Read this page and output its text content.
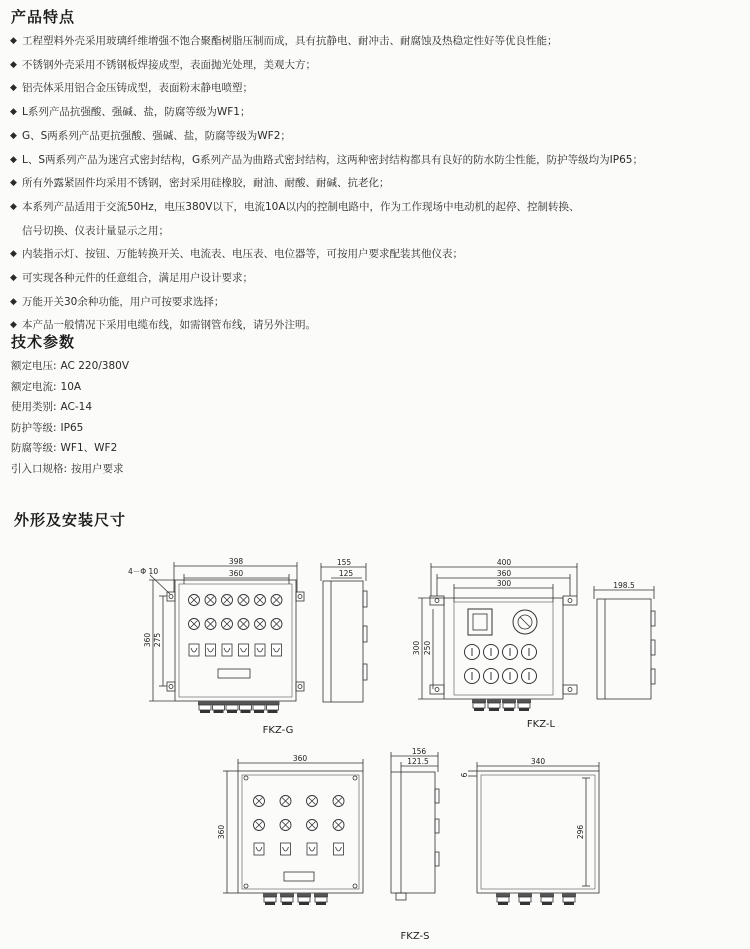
产品特点
◆ 工程塑料外壳采用玻璃纤维增强不饱合聚酯树脂压制而成，具有抗静电、耐冲击、耐腐蚀及热稳定性好等优良性能；
◆ 不锈钢外壳采用不锈钢板焊接成型，表面抛光处理，美观大方；
◆ 铝壳体采用铝合金压铸成型，表面粉末静电喷塑；
◆ L系列产品抗强酸、强碱、盐，防腐等级为WF1；
◆ G、S两系列产品更抗强酸、强碱、盐，防腐等级为WF2；
◆ L、S两系列产品为迷宫式密封结构，G系列产品为曲路式密封结构，这两种密封结构都具有良好的防水防尘性能，防护等级均为IP65；
◆ 所有外露紧固件均采用不锈钢，密封采用硅橡胶，耐油、耐酸、耐碱、抗老化；
◆ 本系列产品适用于交流50Hz，电压380V以下，电流10A以内的控制电路中，作为工作现场中电动机的起停、控制转换、
信号切换、仪表计量显示之用；
◆ 内装指示灯、按钮、万能转换开关、电流表、电压表、电位器等，可按用户要求配装其他仪表；
◆ 可实现各种元件的任意组合，满足用户设计要求；
◆ 万能开关30余种功能，用户可按要求选择；
◆ 本产品一般情况下采用电缆布线，如需钢管布线，请另外注明。
技术参数
额定电压: AC 220/380V
额定电流: 10A
使用类别: AC-14
防护等级: IP65
防腐等级: WF1、WF2
引入口规格: 按用户要求
外形及安装尺寸
398
360
4－Φ 10
360 275
155
125
400
360
300
300 250
198.5
360
360
156
121.5
6
340
296
FKZ-G
FKZ-L
FKZ-S
